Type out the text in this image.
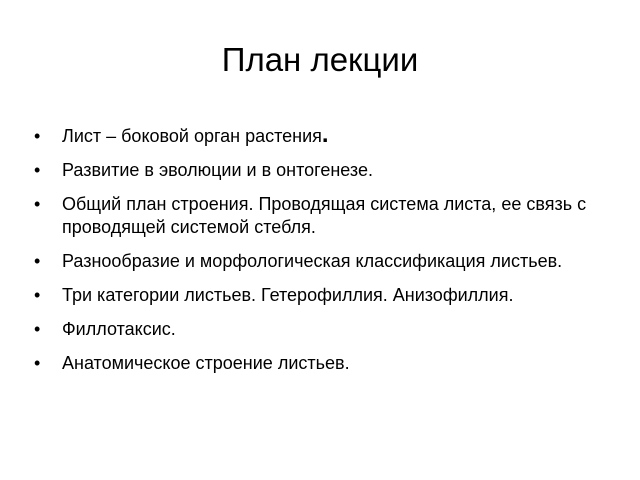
План лекции
• Лист – боковой орган растения.
• Развитие в эволюции и в онтогенезе.
• Общий план строения. Проводящая система листа, ее связь с проводящей системой стебля.
• Разнообразие и морфологическая классификация листьев.
• Три категории листьев. Гетерофиллия. Анизофиллия.
• Филлотаксис.
• Анатомическое строение листьев.
